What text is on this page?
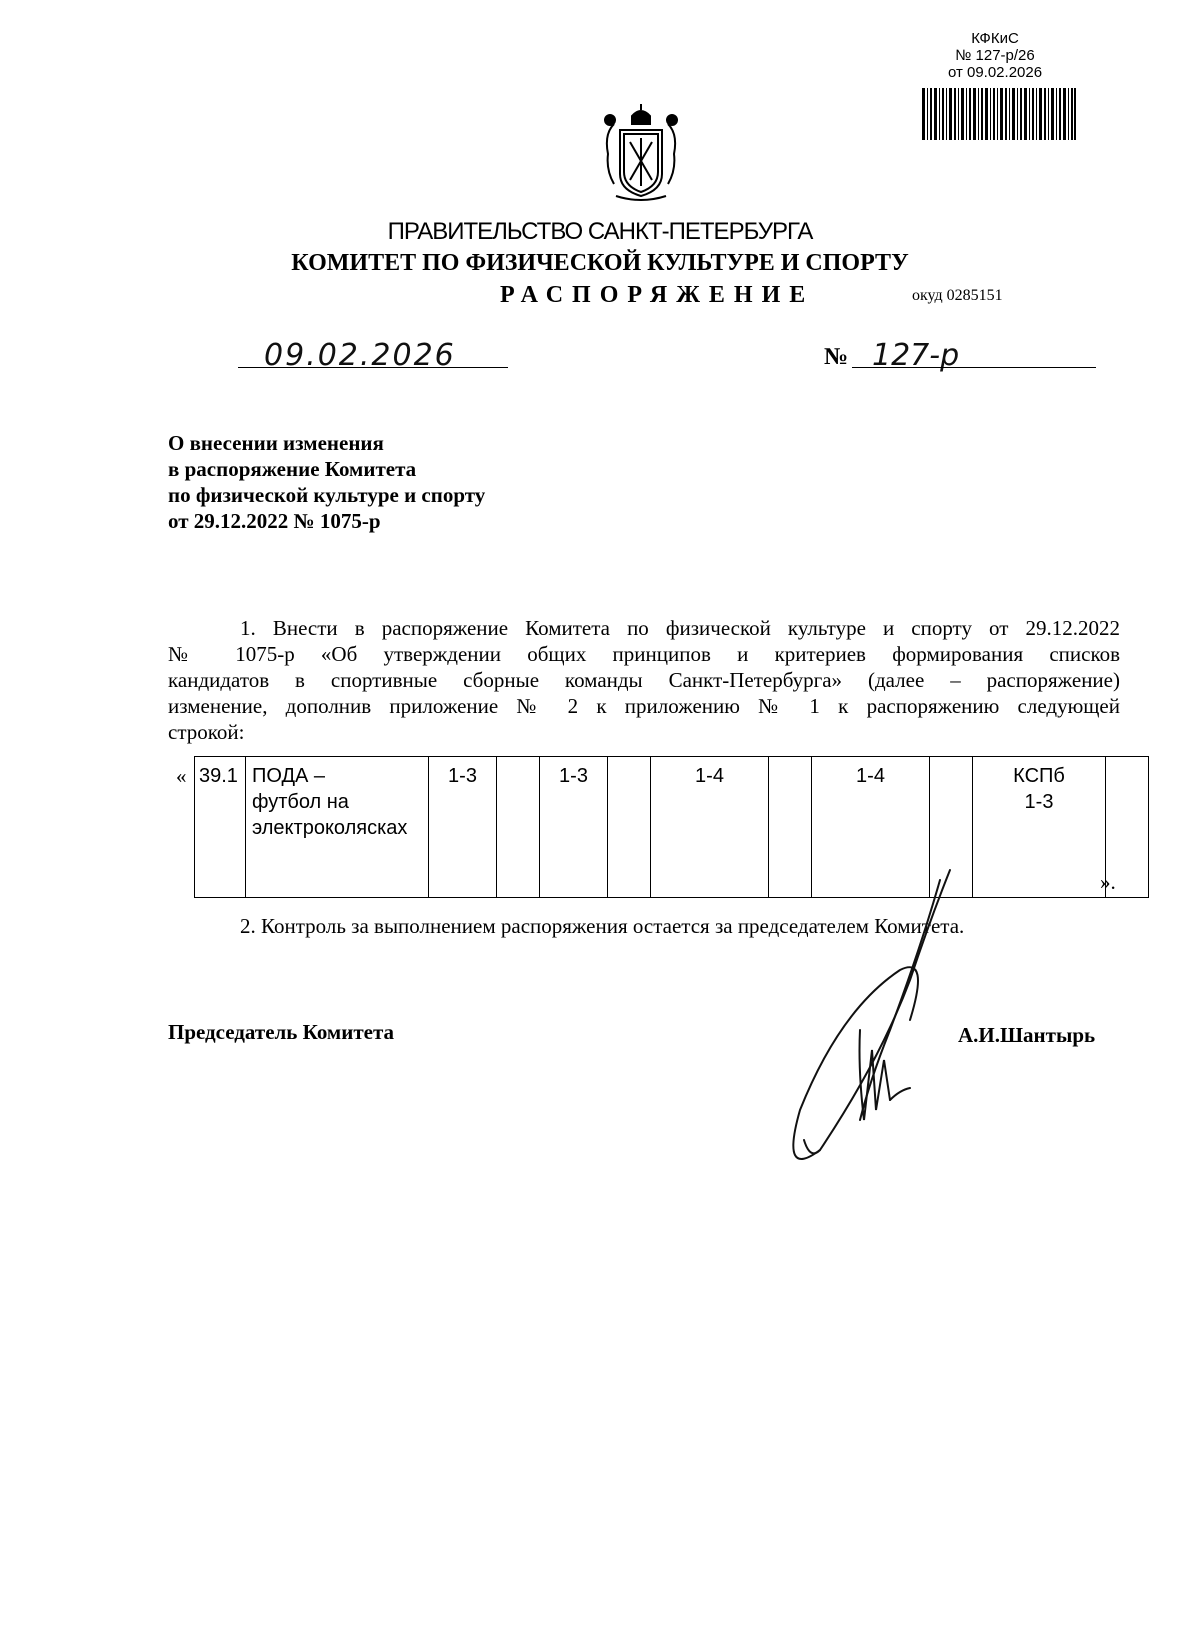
КФКиС
№ 127-р/26
от 09.02.2026
ПРАВИТЕЛЬСТВО САНКТ-ПЕТЕРБУРГА
КОМИТЕТ ПО ФИЗИЧЕСКОЙ КУЛЬТУРЕ И СПОРТУ
РАСПОРЯЖЕНИЕ	окуд 0285151
09.02.2026	№ 127-р
О внесении изменения
в распоряжение Комитета
по физической культуре и спорту
от 29.12.2022 № 1075-р
1. Внести в распоряжение Комитета по физической культуре и спорту от 29.12.2022
№ 1075-р «Об утверждении общих принципов и критериев формирования списков
кандидатов в спортивные сборные команды Санкт-Петербурга» (далее – распоряжение)
изменение, дополнив приложение № 2 к приложению № 1 к распоряжению следующей
строкой:
« 39.1	ПОДА –
футбол на
электроколясках
	1-3		1-3		1-4		1-4		КСПб
1-3

».
2. Контроль за выполнением распоряжения остается за председателем Комитета.
Председатель Комитета	А.И.Шантырь
